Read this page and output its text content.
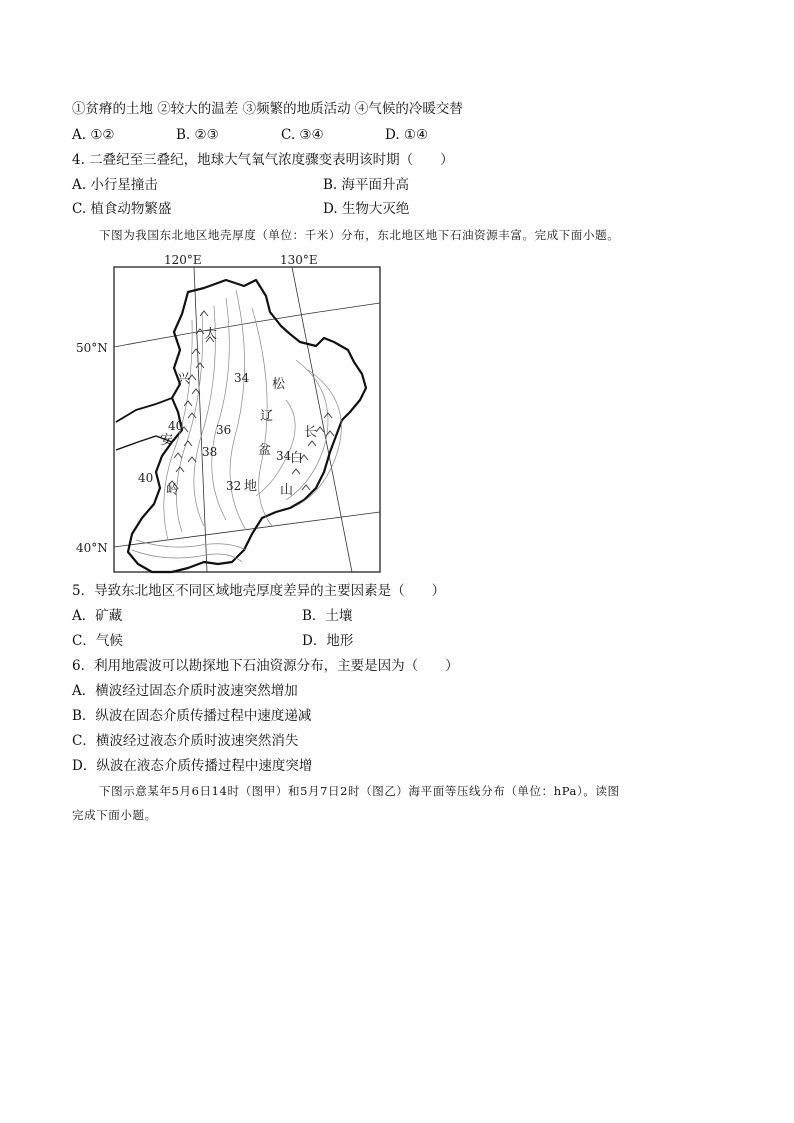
①贫瘠的土地 ②较大的温差 ③频繁的地质活动 ④气候的冷暖交替
A. ①②	B. ②③	C. ③④	D. ①④
4. 二叠纪至三叠纪，地球大气氧气浓度骤变表明该时期（　　）
A. 小行星撞击	B. 海平面升高
C. 植食动物繁盛	D. 生物大灭绝
下图为我国东北地区地壳厚度（单位：千米）分布，东北地区地下石油资源丰富。完成下面小题。
大
兴
安
岭
松
辽
盆
地
长
白
山
34
36
38
40
40
34
32
120°E	130°E
50°N
40°N
5．导致东北地区不同区域地壳厚度差异的主要因素是（　　）
A．矿藏	B．土壤
C．气候	D．地形
6．利用地震波可以勘探地下石油资源分布，主要是因为（　　）
A．横波经过固态介质时波速突然增加
B．纵波在固态介质传播过程中速度递减
C．横波经过液态介质时波速突然消失
D．纵波在液态介质传播过程中速度突增
下图示意某年5月6日14时（图甲）和5月7日2时（图乙）海平面等压线分布（单位：hPa）。读图
完成下面小题。
